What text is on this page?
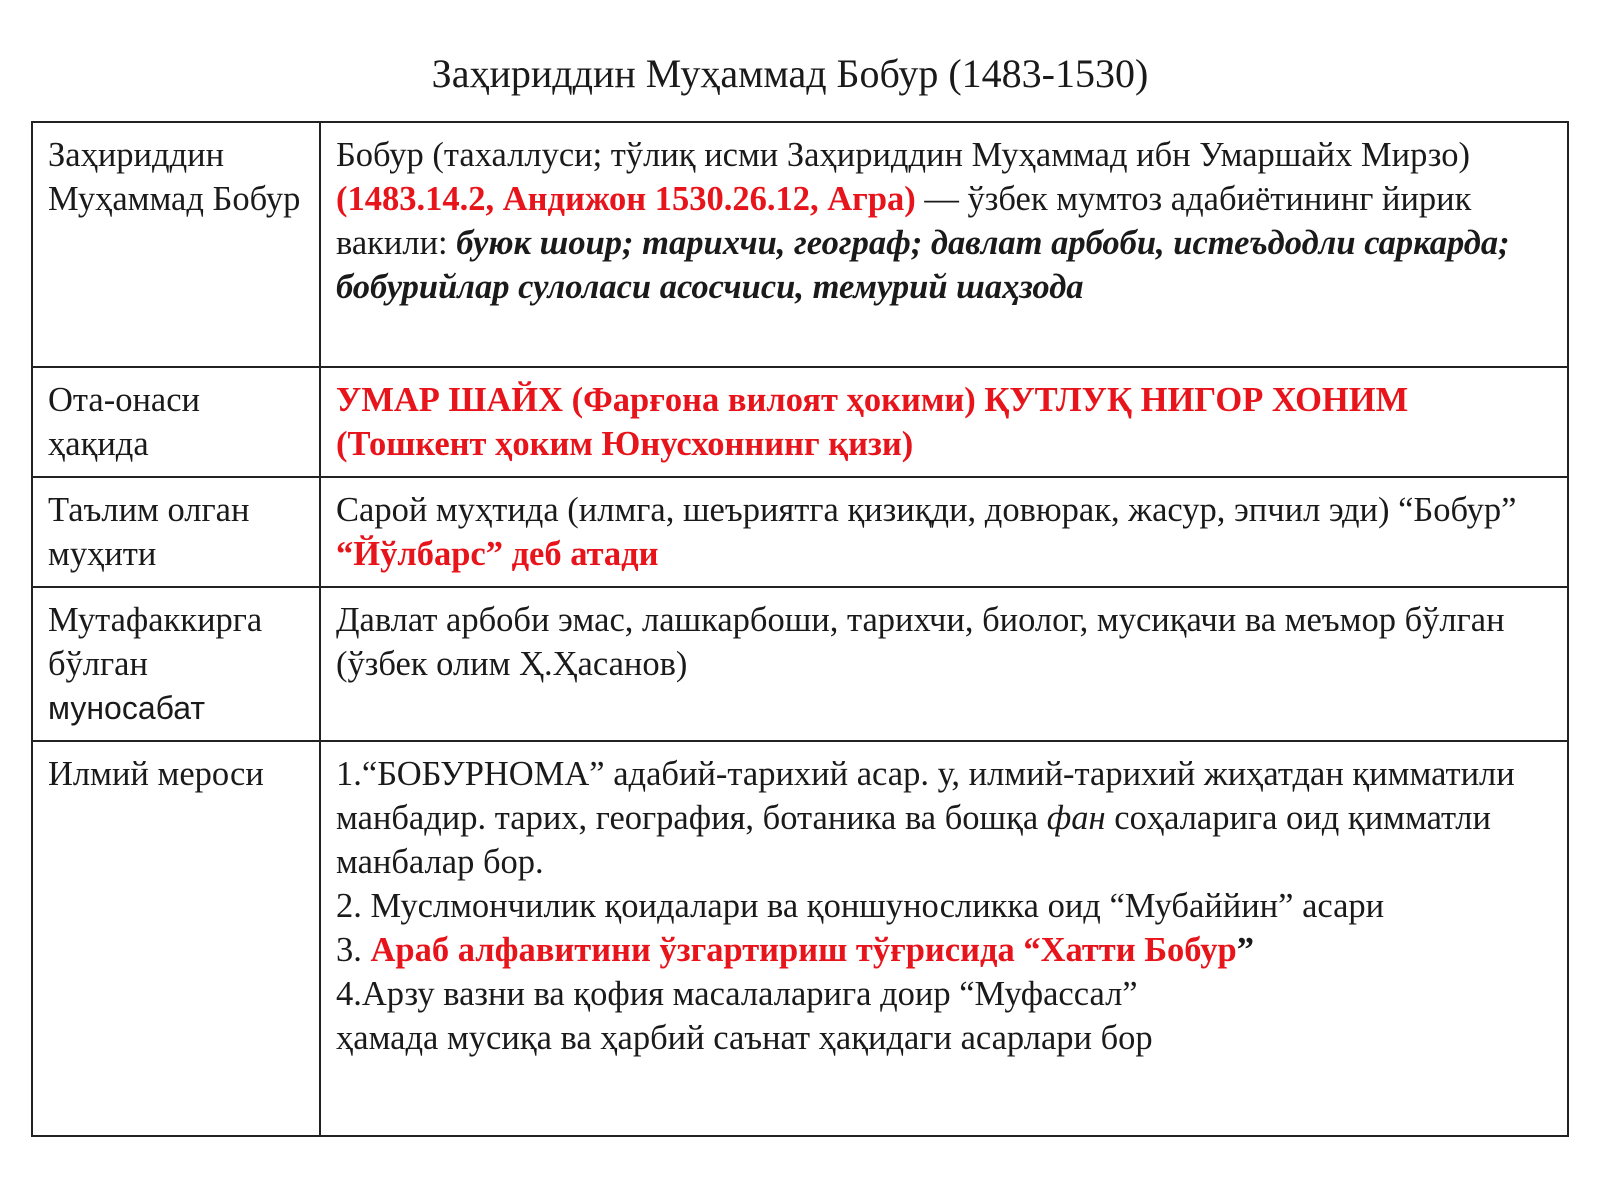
Заҳириддин Муҳаммад Бобур (1483-1530)
Заҳириддин Муҳаммад Бобур	Бобур (тахаллуси; тўлиқ исми Заҳириддин Муҳаммад ибн Умаршайх Мирзо) (1483.14.2, Андижон 1530.26.12, Агра) — ўзбек мумтоз адабиётининг йирик вакили: буюк шоир; тарихчи, географ; давлат арбоби, истеъдодли саркарда; бобурийлар сулоласи асосчиси, темурий шаҳзода
Ота-онаси ҳақида	УМАР ШАЙХ (Фарғона вилоят ҳокими) ҚУТЛУҚ НИГОР ХОНИМ (Тошкент ҳоким Юнусхоннинг қизи)
Таълим олган муҳити	Сарой муҳтида (илмга, шеъриятга қизиқди, довюрак, жасур, эпчил эди) “Бобур” “Йўлбарс” деб атади
Мутафаккирга бўлган
муносабат	Давлат арбоби эмас, лашкарбоши, тарихчи, биолог, мусиқачи ва меъмор бўлган (ўзбек олим Ҳ.Ҳасанов)
Илмий мероси	1.“БОБУРНОМА” адабий-тарихий асар. у, илмий-тарихий жиҳатдан қимматили манбадир. тарих, география, ботаника ва бошқа фан соҳаларига оид қимматли манбалар бор.
2. Муслмончилик қоидалари ва қоншуносликка оид “Мубаййин” асари
3. Араб алфавитини ўзгартириш тўғрисида “Хатти Бобур”
4.Арзу вазни ва қофия масалаларига доир “Муфассал”
ҳамада мусиқа ва ҳарбий саънат ҳақидаги асарлари бор
